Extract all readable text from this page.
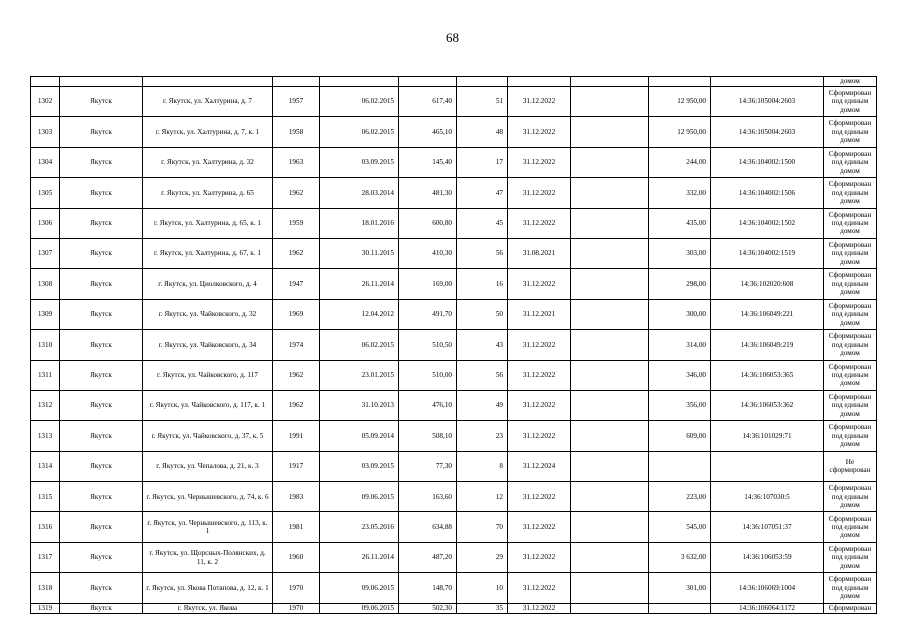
68
											домом
1302	Якутск	г. Якутск, ул. Халтурина, д. 7	1957	06.02.2015	617,40	51	31.12.2022		12 950,00	14:36:105004:2603	Сформирован под единым домом
1303	Якутск	г. Якутск, ул. Халтурина, д. 7, к. 1	1958	06.02.2015	465,10	48	31.12.2022		12 950,00	14:36:105004:2603	Сформирован под единым домом
1304	Якутск	г. Якутск, ул. Халтурина, д. 32	1963	03.09.2015	145,40	17	31.12.2022		244,00	14:36:104002:1500	Сформирован под единым домом
1305	Якутск	г. Якутск, ул. Халтурина, д. 65	1962	28.03.2014	481,30	47	31.12.2022		332,00	14:36:104002:1506	Сформирован под единым домом
1306	Якутск	г. Якутск, ул. Халтурина, д. 65, к. 1	1959	18.01.2016	600,80	45	31.12.2022		435,00	14:36:104002:1502	Сформирован под единым домом
1307	Якутск	г. Якутск, ул. Халтурина, д. 67, к. 1	1962	30.11.2015	410,30	56	31.08.2021		303,00	14:36:104002:1519	Сформирован под единым домом
1308	Якутск	г. Якутск, ул. Циолковского, д. 4	1947	26.11.2014	169,00	16	31.12.2022		298,00	14:36:102020:608	Сформирован под единым домом
1309	Якутск	г. Якутск, ул. Чайковского, д. 32	1969	12.04.2012	491,70	50	31.12.2021		300,00	14:36:106049:221	Сформирован под единым домом
1310	Якутск	г. Якутск, ул. Чайковского, д. 34	1974	06.02.2015	510,50	43	31.12.2022		314,00	14:36:106049:219	Сформирован под единым домом
1311	Якутск	г. Якутск, ул. Чайковского, д. 117	1962	23.01.2015	510,00	56	31.12.2022		346,00	14:36:106053:365	Сформирован под единым домом
1312	Якутск	г. Якутск, ул. Чайковского, д. 117, к. 1	1962	31.10.2013	476,10	49	31.12.2022		356,00	14:36:106053:362	Сформирован под единым домом
1313	Якутск	г. Якутск, ул. Чайковского, д. 37, к. 5	1991	05.09.2014	508,10	23	31.12.2022		609,00	14:36:101029:71	Сформирован под единым домом
1314	Якутск	г. Якутск, ул. Чепалова, д. 21, к. 3	1917	03.09.2015	77,30	8	31.12.2024				Не сформирован
1315	Якутск	г. Якутск, ул. Чернышевского, д. 74, к. 6	1983	09.06.2015	163,60	12	31.12.2022		223,00	14:36:107030:5	Сформирован под единым домом
1316	Якутск	г. Якутск, ул. Чернышевского, д. 113, к. 1	1981	23.05.2016	634,88	70	31.12.2022		545,00	14:36:107051:37	Сформирован под единым домом
1317	Якутск	г. Якутск, ул. Щорсных-Полянских, д. 11, к. 2	1960	26.11.2014	487,20	29	31.12.2022		3 632,00	14:36:106053:59	Сформирован под единым домом
1318	Якутск	г. Якутск, ул. Якова Потапова, д. 12, к. 1	1970	09.06.2015	148,70	10	31.12.2022		301,00	14:36:106069:1004	Сформирован под единым домом
1319	Якутск	г. Якутск, ул. Якова	1970	09.06.2015	502,30	35	31.12.2022			14:36:106064:1172	Сформирован
